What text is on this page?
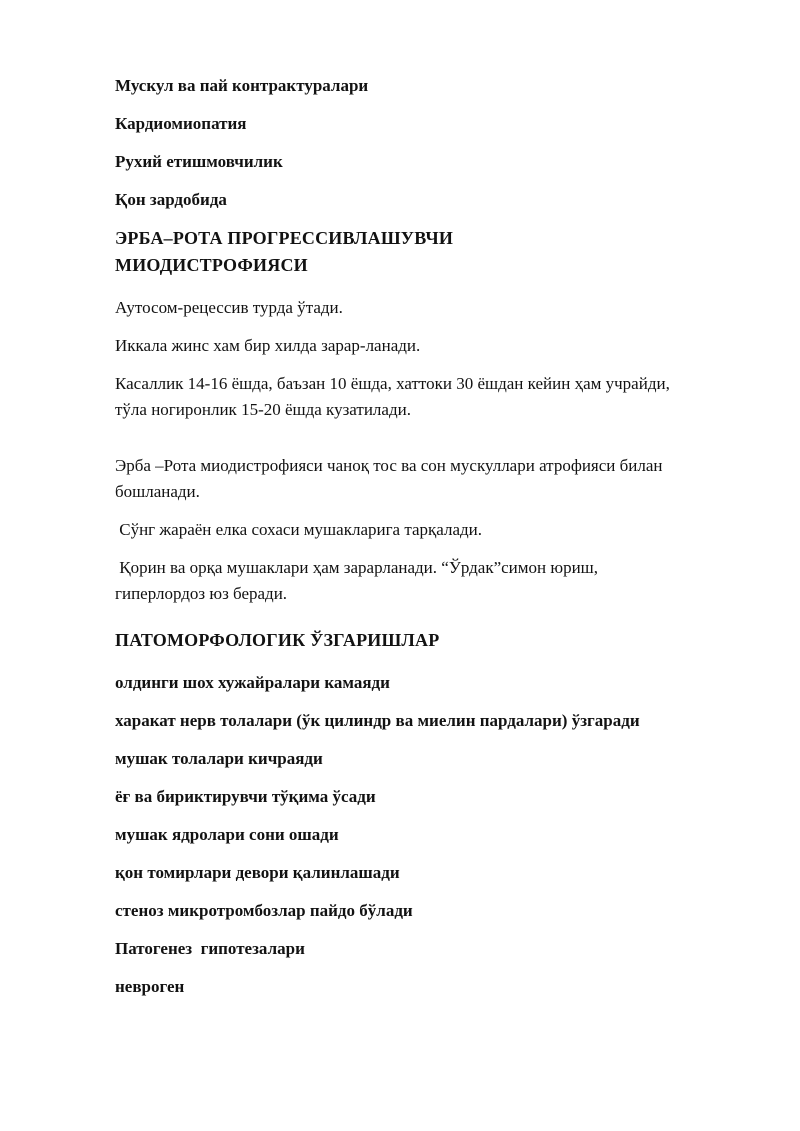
Мускул ва пай контрактуралари
Кардиомиопатия
Рухий етишмовчилик
Қон зардобида
ЭРБА–РОТА ПРОГРЕССИВЛАШУВЧИ
МИОДИСТРОФИЯСИ
Аутосом-рецессив турда ўтади.
Иккала жинс хам бир хилда зарар-ланади.
Касаллик 14-16 ёшда, баъзан 10 ёшда, хаттоки 30 ёшдан кейин ҳам учрайди,
тўла ногиронлик 15-20 ёшда кузатилади.
Эрба –Рота миодистрофияси чаноқ тос ва сон мускуллари атрофияси билан
бошланади.
Сўнг жараён елка сохаси мушакларига тарқалади.
Қорин ва орқа мушаклари ҳам зарарланади. “Ўрдак”симон юриш,
гиперлордоз юз беради.
ПАТОМОРФОЛОГИК ЎЗГАРИШЛАР
олдинги шох хужайралари камаяди
харакат нерв толалари (ўк цилиндр ва миелин пардалари) ўзгаради
мушак толалари кичраяди
ёғ ва бириктирувчи тўқима ўсади
мушак ядролари сони ошади
қон томирлари девори қалинлашади
стеноз микротромбозлар пайдо бўлади
Патогенез  гипотезалари
невроген
